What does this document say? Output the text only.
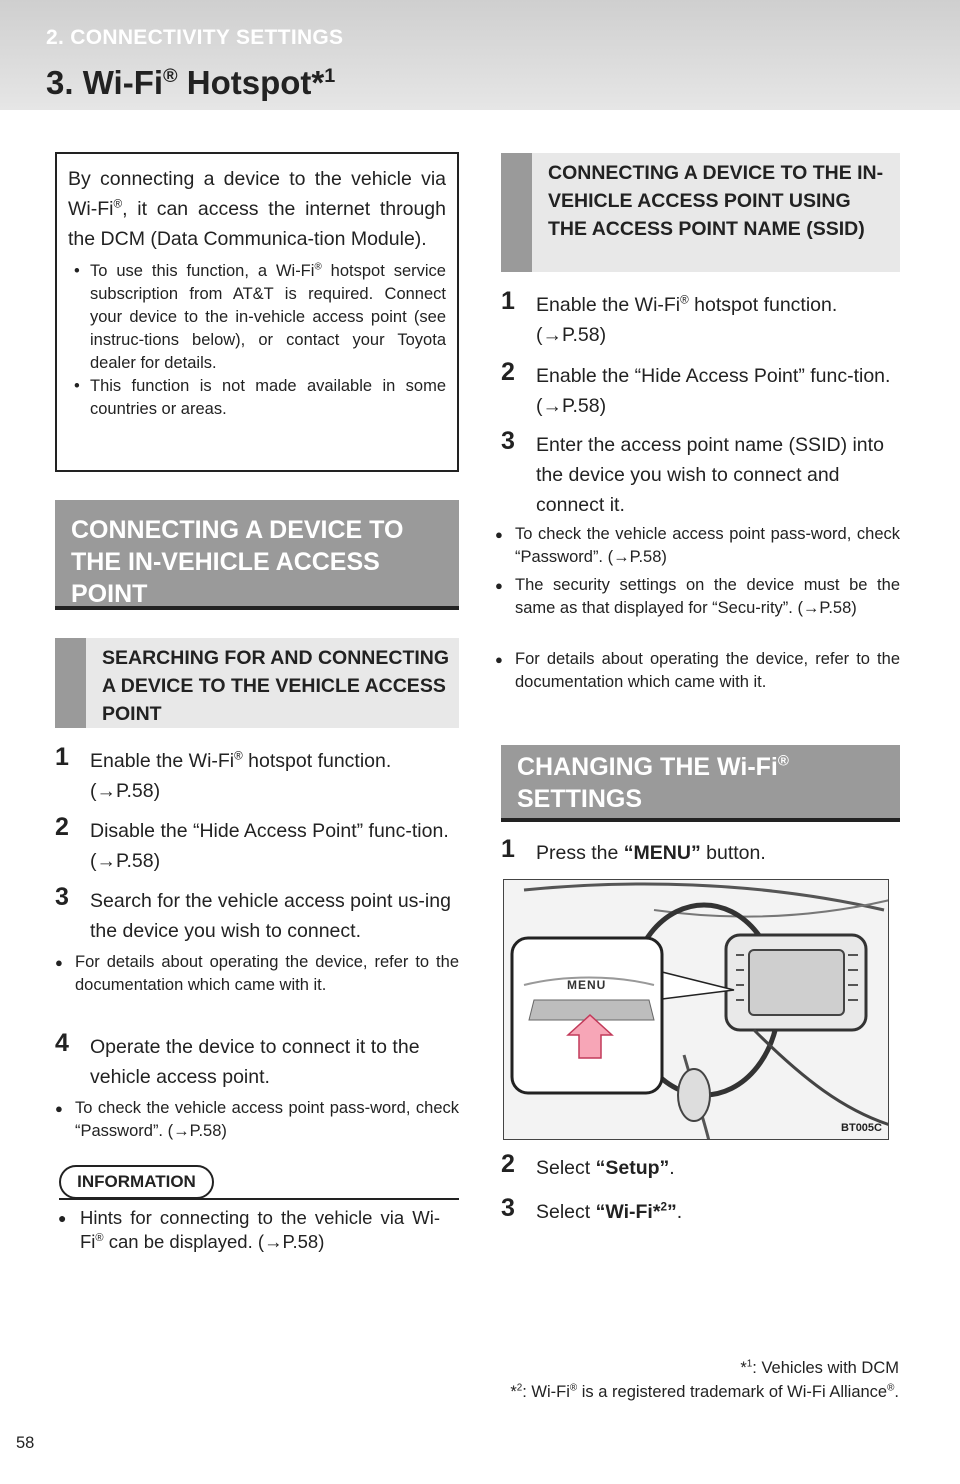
2. CONNECTIVITY SETTINGS
3. Wi-Fi® Hotspot*$^1$

By connecting a device to the vehicle via Wi-Fi®, it can access the internet through the DCM (Data Communica-tion Module).

• To use this function, a Wi-Fi® hotspot service subscription from AT&T is required. Connect your device to the in-vehicle access point (see instruc-tions below), or contact your Toyota dealer for details.
• This function is not made available in some countries or areas.
CONNECTING A DEVICE TO THE IN-VEHICLE ACCESS POINT
SEARCHING FOR AND CONNECTING A DEVICE TO THE VEHICLE ACCESS POINT
1 Enable the Wi-Fi® hotspot function. (→P.58)
2 Disable the “Hide Access Point” func-tion. (→P.58)
3 Search for the vehicle access point us-ing the device you wish to connect.
● For details about operating the device, refer to the documentation which came with it.
4 Operate the device to connect it to the vehicle access point.
● To check the vehicle access point pass-word, check “Password”. (→P.58)
INFORMATION
● Hints for connecting to the vehicle via Wi-Fi® can be displayed. (→P.58)
CONNECTING A DEVICE TO THE IN-VEHICLE ACCESS POINT USING THE ACCESS POINT NAME (SSID)
1 Enable the Wi-Fi® hotspot function. (→P.58)
2 Enable the “Hide Access Point” func-tion. (→P.58)
3 Enter the access point name (SSID) into the device you wish to connect and connect it.
● To check the vehicle access point pass-word, check “Password”. (→P.58)
● The security settings on the device must be the same as that displayed for “Secu-rity”. (→P.58)
● For details about operating the device, refer to the documentation which came with it.
CHANGING THE Wi-Fi®
SETTINGS
1 Press the “MENU” button.
MENU
BT005C
2 Select “Setup”.
3 Select “Wi-Fi*$^2$”.
*$^1$: Vehicles with DCM
*$^2$: Wi-Fi® is a registered trademark of Wi-Fi Alliance®.
58
